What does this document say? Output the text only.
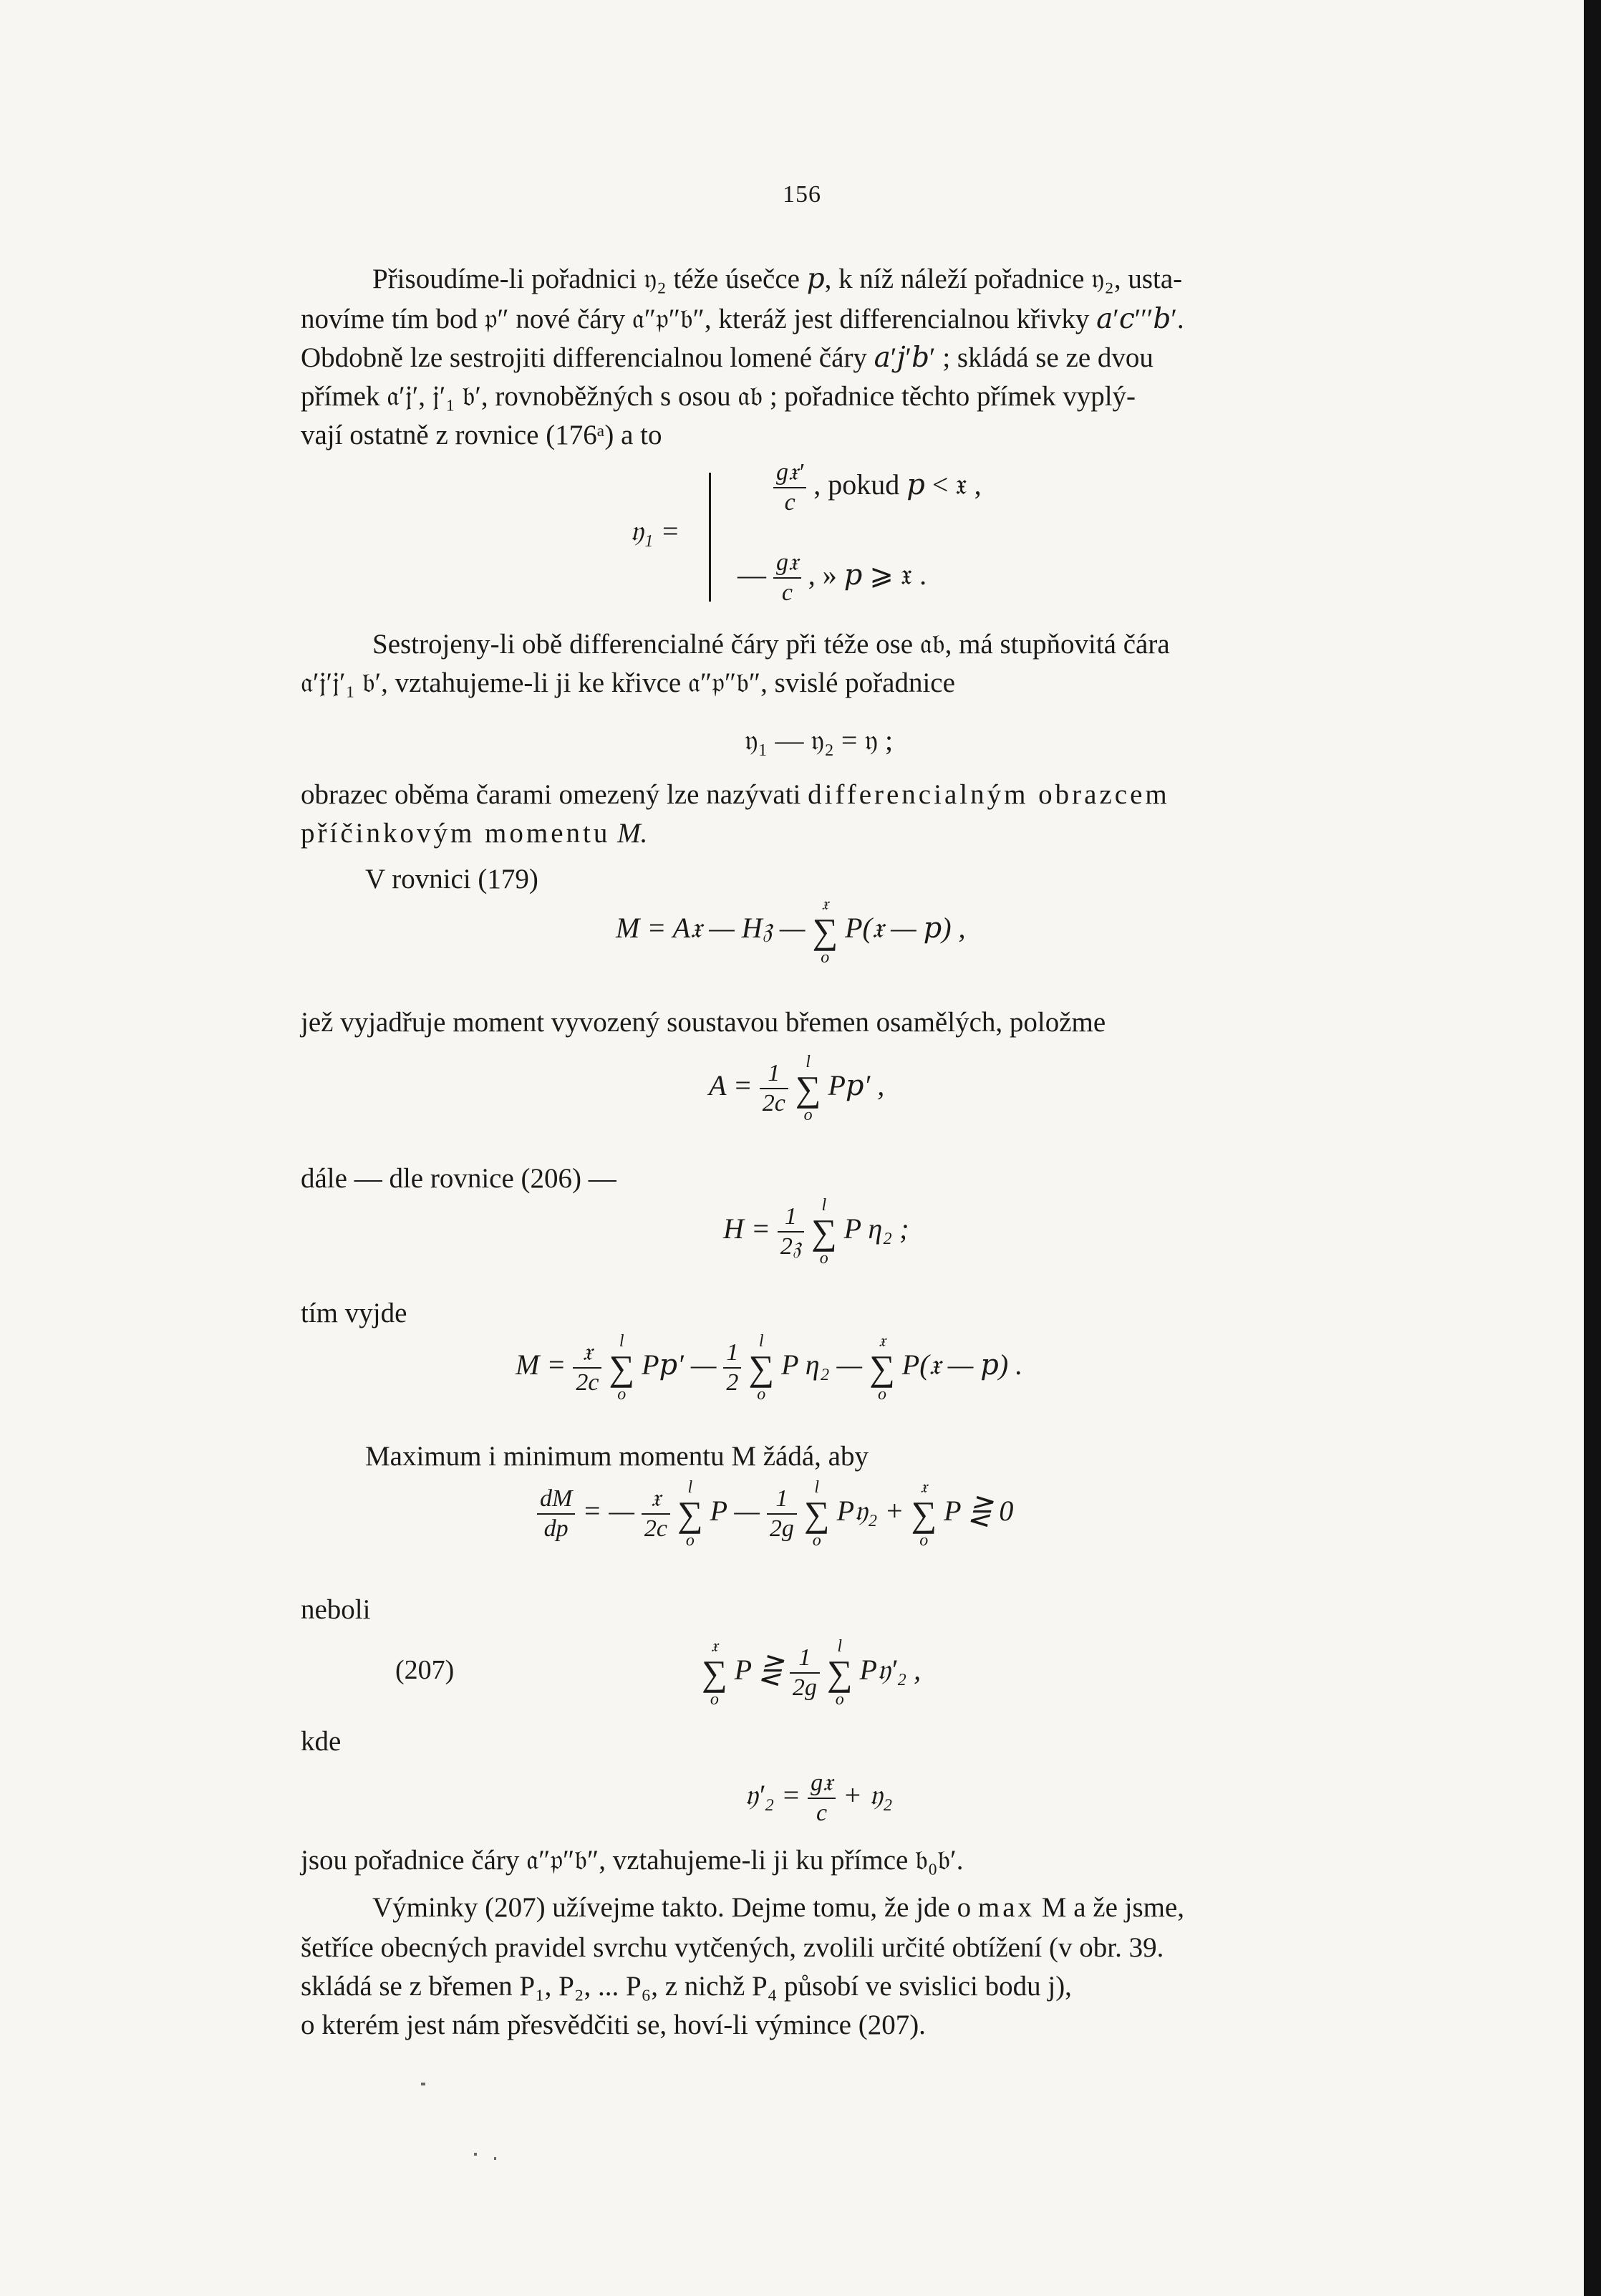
156
Přisoudíme-li pořadnici 𝔶₂ téže úsečce 𝑝, k níž náleží pořadnice 𝔶₂, usta-
novíme tím bod 𝔭″ nové čáry 𝔞″𝔭″𝔟″, kteráž jest differencialnou křivky 𝑎′𝑐′′′𝑏′.
Obdobně lze sestrojiti differencialnou lomené čáry 𝑎′𝑗′𝑏′ ; skládá se ze dvou
přímek 𝔞′𝔧′, 𝔧′₁ 𝔟′, rovnoběžných s osou 𝔞𝔟 ; pořadnice těchto přímek vyplý-
vají ostatně z rovnice (176ᵃ) a to
𝔶₁ =
$\frac{\text{g𝔵′}}{c}$ , pokud 𝑝 < 𝔵 ,
— $\frac{\text{g𝔵}}{c}$ , » 𝑝 ⩾ 𝔵 .
Sestrojeny-li obě differencialné čáry při téže ose 𝔞𝔟, má stupňovitá čára
𝔞′𝔧′𝔧′₁ 𝔟′, vztahujeme-li ji ke křivce 𝔞″𝔭″𝔟″, svislé pořadnice
𝔶₁ — 𝔶₂ = 𝔶 ;
obrazec oběma čarami omezený lze nazývati differencialným obrazcem
příčinkovým momentu M.
V rovnici (179)
M = A𝔵 — H𝔷 —
𝔵
∑
o
P(𝔵 — 𝑝) ,
jež vyjadřuje moment vyvozený soustavou břemen osamělých, položme
$A = \frac{1}{2c}$
	l
∑
o
P𝑝′ ,
dále — dle rovnice (206) —
$H = \frac{1}{\text{2𝔷}}$
	l
∑
o
P η₂ ;
tím vyjde
$M = \frac{\text{𝔵}}{2c}$
	l
∑
o
P𝑝′ — $\frac{1}{2}$
	l
∑
o
P η₂ —
𝔵
∑
o
P(𝔵 — 𝑝) .
Maximum i minimum momentu M žádá, aby
$\frac{dM}{dp}$ = — $\frac{\text{𝔵}}{2c}$
	l
∑
o
P — $\frac{1}{2g}$
	l
∑
o
P𝔶₂ +
𝔵
∑
o
P ⋛ 0
neboli
(207)
𝔵
∑
o
P ⋛ $\frac{1}{2g}$
	l
∑
o
P𝔶′₂ ,
kde
𝔶′₂ = $\frac{\text{g𝔵}}{c}$ + 𝔶₂
jsou pořadnice čáry 𝔞″𝔭″𝔟″, vztahujeme-li ji ku přímce 𝔟₀𝔟′.
Výminky (207) užívejme takto. Dejme tomu, že jde o max M a že jsme,
šetříce obecných pravidel svrchu vytčených, zvolili určité obtížení (v obr. 39.
skládá se z břemen P₁, P₂, ... P₆, z nichž P₄ působí ve svislici bodu j),
o kterém jest nám přesvědčiti se, hoví-li výmince (207).
